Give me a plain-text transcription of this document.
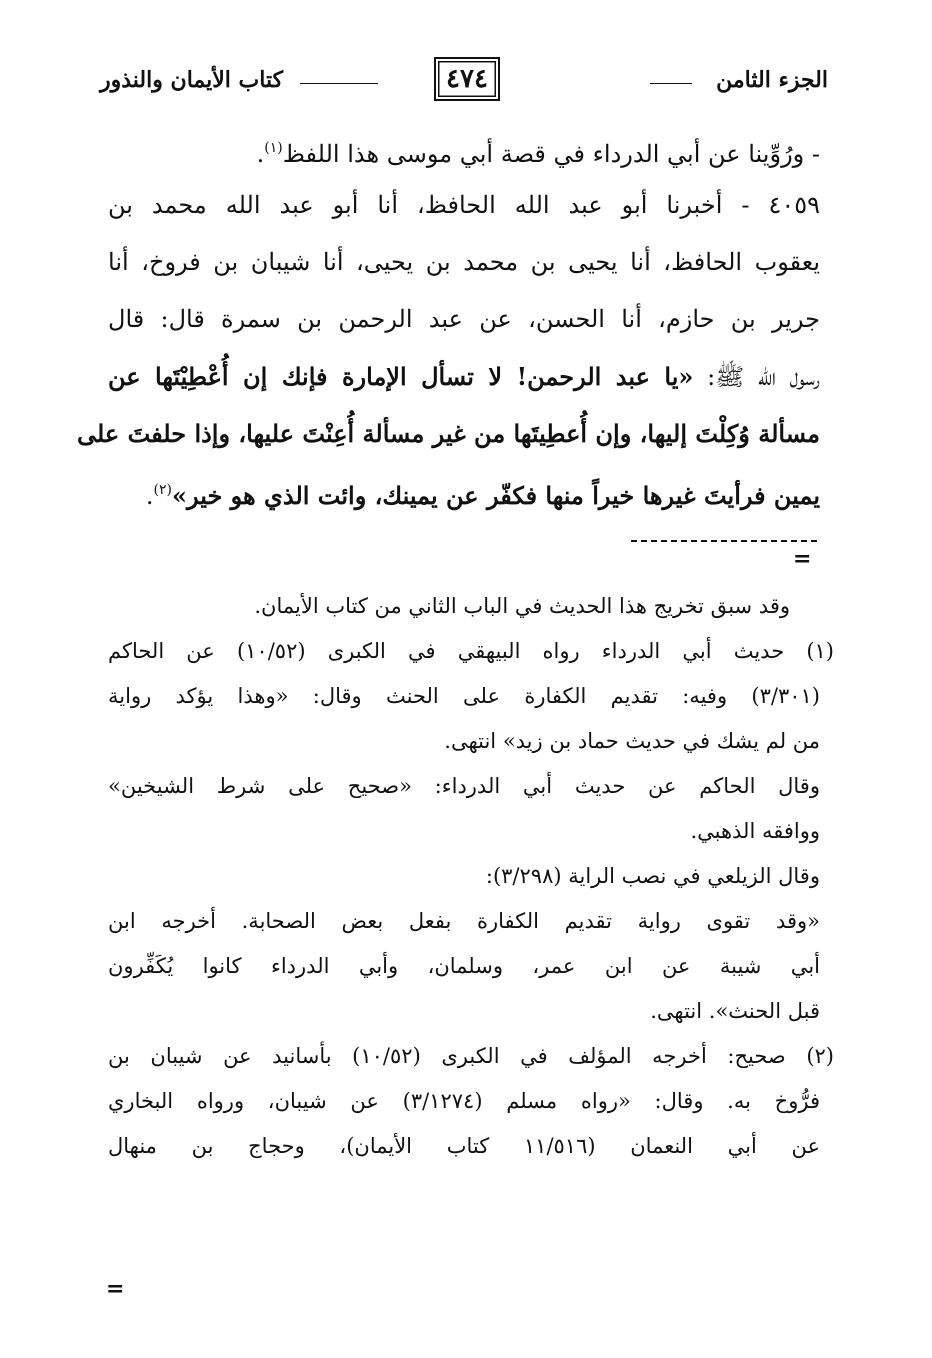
الجزء الثامن
٤٧٤
كتاب الأيمان والنذور
- ورُوِّينا عن أبي الدرداء في قصة أبي موسى هذا اللفظ$^{(١)}$.
٤٠٥٩ - أخبرنا أبو عبد الله الحافظ، أنا أبو عبد الله محمد بن
يعقوب الحافظ، أنا يحيى بن محمد بن يحيى، أنا شيبان بن فروخ، أنا
جرير بن حازم، أنا الحسن، عن عبد الرحمن بن سمرة قال: قال
رسول الله ﷺ: «يا عبد الرحمن! لا تسأل الإمارة فإنك إن أُعْطِيْتَها عن
مسألة وُكِلْتَ إليها، وإن أُعطِيتَها من غير مسألة أُعِنْتَ عليها، وإذا حلفتَ على
يمين فرأيتَ غيرها خيراً منها فكفّر عن يمينك، وائت الذي هو خير»$^{(٢)}$.
=
وقد سبق تخريج هذا الحديث في الباب الثاني من كتاب الأيمان.
(١) حديث أبي الدرداء رواه البيهقي في الكبرى (١٠/٥٢) عن الحاكم
(٣/٣٠١) وفيه: تقديم الكفارة على الحنث وقال: «وهذا يؤكد رواية
من لم يشك في حديث حماد بن زيد» انتهى.
وقال الحاكم عن حديث أبي الدرداء: «صحيح على شرط الشيخين»
ووافقه الذهبي.
وقال الزيلعي في نصب الراية (٣/٢٩٨):
«وقد تقوى رواية تقديم الكفارة بفعل بعض الصحابة. أخرجه ابن
أبي شيبة عن ابن عمر، وسلمان، وأبي الدرداء كانوا يُكَفِّرون
قبل الحنث». انتهى.
(٢) صحيح: أخرجه المؤلف في الكبرى (١٠/٥٢) بأسانيد عن شيبان بن
فرُّوخ به. وقال: «رواه مسلم (٣/١٢٧٤) عن شيبان، ورواه البخاري
عن أبي النعمان (١١/٥١٦ كتاب الأيمان)، وحجاج بن منهال
=
